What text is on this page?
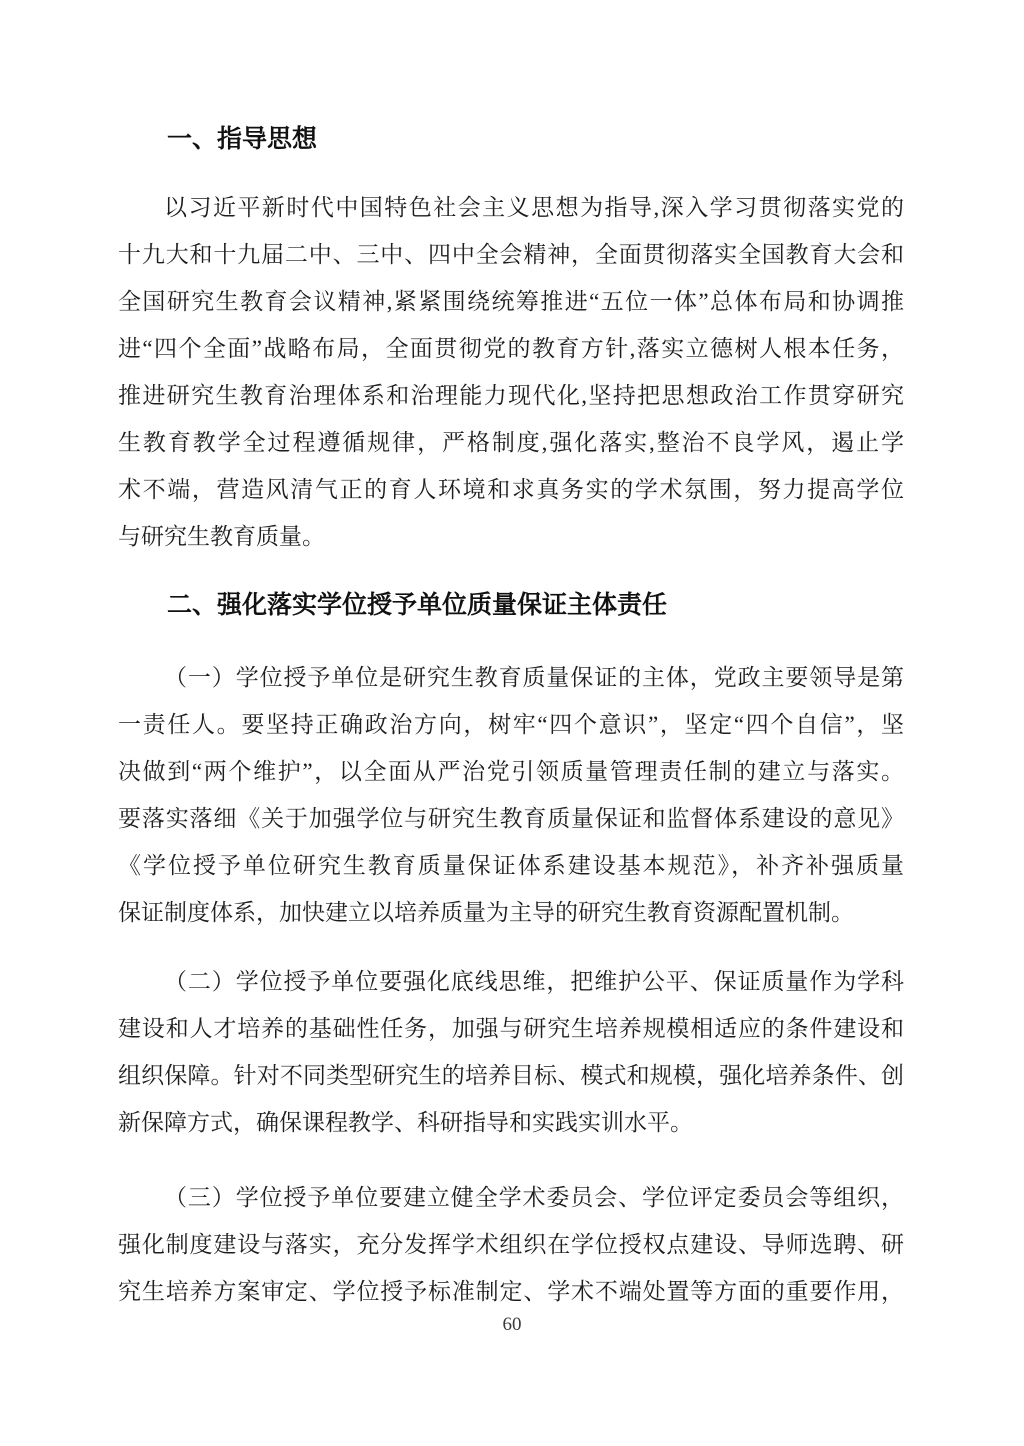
一、指导思想
以习近平新时代中国特色社会主义思想为指导,深入学习贯彻落实党的
十九大和十九届二中、三中、四中全会精神，全面贯彻落实全国教育大会和
全国研究生教育会议精神,紧紧围绕统筹推进“五位一体”总体布局和协调推
进“四个全面”战略布局，全面贯彻党的教育方针,落实立德树人根本任务，
推进研究生教育治理体系和治理能力现代化,坚持把思想政治工作贯穿研究
生教育教学全过程遵循规律，严格制度,强化落实,整治不良学风，遏止学
术不端，营造风清气正的育人环境和求真务实的学术氛围，努力提高学位
与研究生教育质量。
二、强化落实学位授予单位质量保证主体责任
（一）学位授予单位是研究生教育质量保证的主体，党政主要领导是第
一责任人。要坚持正确政治方向，树牢“四个意识”，坚定“四个自信”，坚
决做到“两个维护”，以全面从严治党引领质量管理责任制的建立与落实。
要落实落细《关于加强学位与研究生教育质量保证和监督体系建设的意见》
《学位授予单位研究生教育质量保证体系建设基本规范》，补齐补强质量
保证制度体系，加快建立以培养质量为主导的研究生教育资源配置机制。
（二）学位授予单位要强化底线思维，把维护公平、保证质量作为学科
建设和人才培养的基础性任务，加强与研究生培养规模相适应的条件建设和
组织保障。针对不同类型研究生的培养目标、模式和规模，强化培养条件、创
新保障方式，确保课程教学、科研指导和实践实训水平。
（三）学位授予单位要建立健全学术委员会、学位评定委员会等组织，
强化制度建设与落实，充分发挥学术组织在学位授权点建设、导师选聘、研
究生培养方案审定、学位授予标准制定、学术不端处置等方面的重要作用，
60
